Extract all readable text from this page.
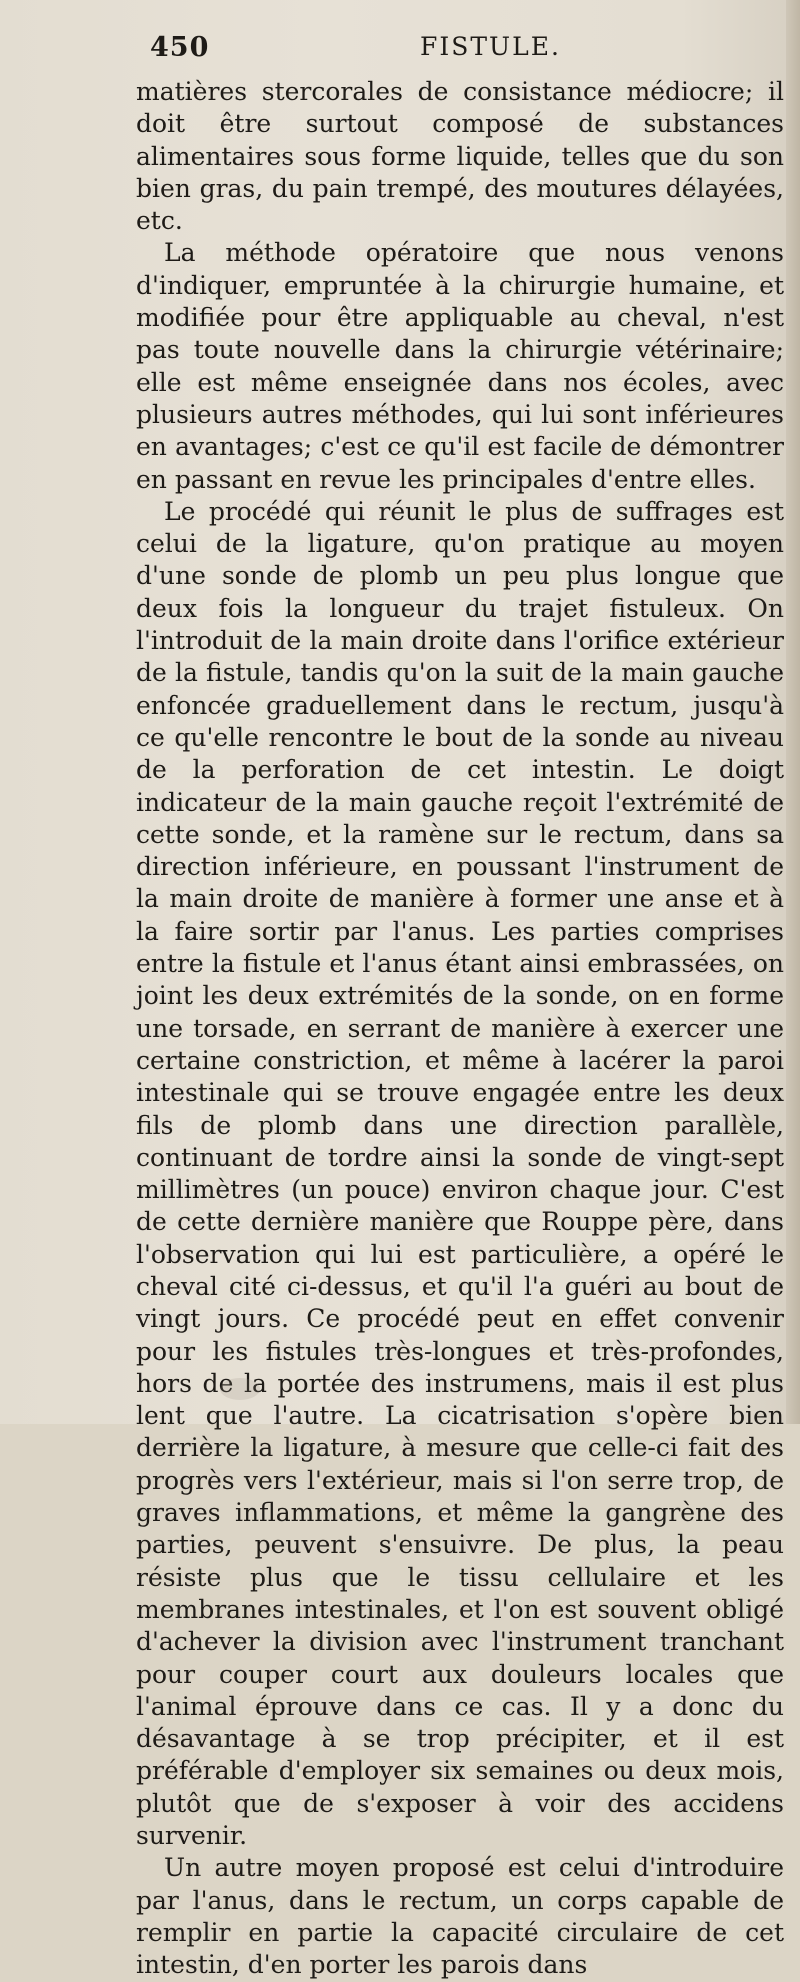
450	FISTULE.

matières stercorales de consistance médiocre; il doit être surtout composé de substances alimentaires sous forme liquide, telles que du son bien gras, du pain trempé, des moutures délayées, etc.

La méthode opératoire que nous venons d'indiquer, empruntée à la chirurgie humaine, et modifiée pour être appliquable au cheval, n'est pas toute nouvelle dans la chirurgie vétérinaire; elle est même enseignée dans nos écoles, avec plusieurs autres méthodes, qui lui sont inférieures en avantages; c'est ce qu'il est facile de démontrer en passant en revue les principales d'entre elles.

Le procédé qui réunit le plus de suffrages est celui de la ligature, qu'on pratique au moyen d'une sonde de plomb un peu plus longue que deux fois la longueur du trajet fistuleux. On l'introduit de la main droite dans l'orifice extérieur de la fistule, tandis qu'on la suit de la main gauche enfoncée graduellement dans le rectum, jusqu'à ce qu'elle rencontre le bout de la sonde au niveau de la perforation de cet intestin. Le doigt indicateur de la main gauche reçoit l'extrémité de cette sonde, et la ramène sur le rectum, dans sa direction inférieure, en poussant l'instrument de la main droite de manière à former une anse et à la faire sortir par l'anus. Les parties comprises entre la fistule et l'anus étant ainsi embrassées, on joint les deux extrémités de la sonde, on en forme une torsade, en serrant de manière à exercer une certaine constriction, et même à lacérer la paroi intestinale qui se trouve engagée entre les deux fils de plomb dans une direction parallèle, continuant de tordre ainsi la sonde de vingt-sept millimètres (un pouce) environ chaque jour. C'est de cette dernière manière que Rouppe père, dans l'observation qui lui est particulière, a opéré le cheval cité ci-dessus, et qu'il l'a guéri au bout de vingt jours. Ce procédé peut en effet convenir pour les fistules très-longues et très-profondes, hors de la portée des instrumens, mais il est plus lent que l'autre. La cicatrisation s'opère bien derrière la ligature, à mesure que celle-ci fait des progrès vers l'extérieur, mais si l'on serre trop, de graves inflammations, et même la gangrène des parties, peuvent s'ensuivre. De plus, la peau résiste plus que le tissu cellulaire et les membranes intestinales, et l'on est souvent obligé d'achever la division avec l'instrument tranchant pour couper court aux douleurs locales que l'animal éprouve dans ce cas. Il y a donc du désavantage à se trop précipiter, et il est préférable d'employer six semaines ou deux mois, plutôt que de s'exposer à voir des accidens survenir.

Un autre moyen proposé est celui d'introduire par l'anus, dans le rectum, un corps capable de remplir en partie la capacité circulaire de cet intestin, d'en porter les parois dans
